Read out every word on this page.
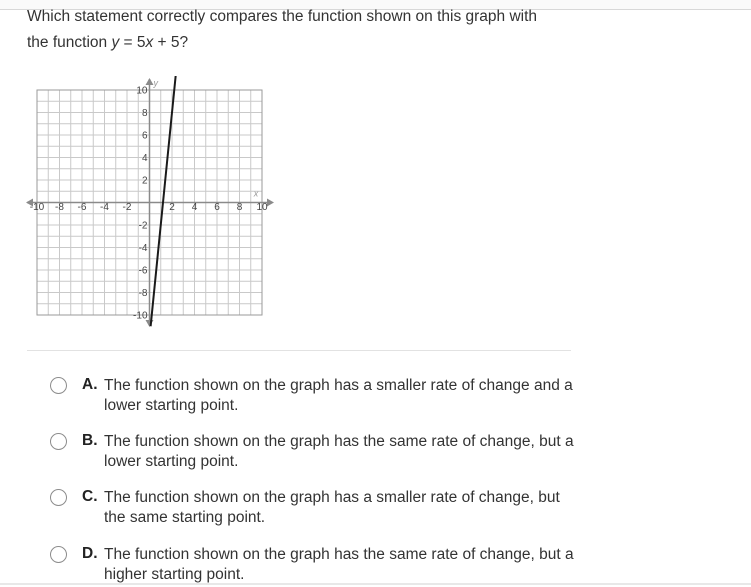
Which statement correctly compares the function shown on this graph with
the function y = 5x + 5?
-10 -8 -6 -4 -2	2 4 6 8 10
10
8
6
4
2
-2
-4
-6
-8
-10
y
x
A. The function shown on the graph has a smaller rate of change and a lower starting point.
B. The function shown on the graph has the same rate of change, but a lower starting point.
C. The function shown on the graph has a smaller rate of change, but the same starting point.
D. The function shown on the graph has the same rate of change, but a higher starting point.
